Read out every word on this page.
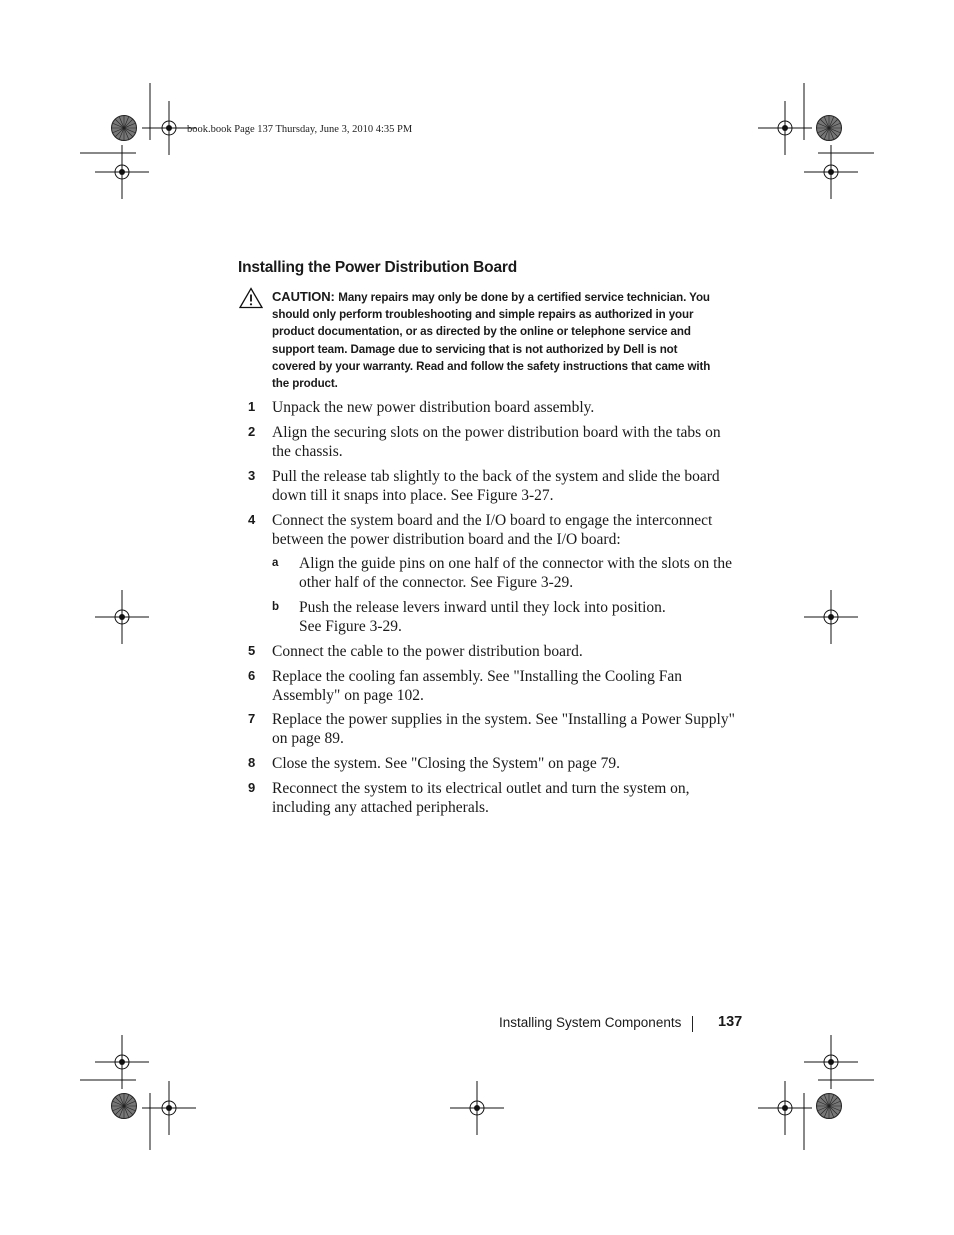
book.book Page 137 Thursday, June 3, 2010 4:35 PM
Installing the Power Distribution Board
CAUTION: Many repairs may only be done by a certified service technician. You should only perform troubleshooting and simple repairs as authorized in your product documentation, or as directed by the online or telephone service and support team. Damage due to servicing that is not authorized by Dell is not covered by your warranty. Read and follow the safety instructions that came with the product.
1 Unpack the new power distribution board assembly.
2 Align the securing slots on the power distribution board with the tabs on the chassis.
3 Pull the release tab slightly to the back of the system and slide the board down till it snaps into place. See Figure 3-27.
4 Connect the system board and the I/O board to engage the interconnect between the power distribution board and the I/O board:
a Align the guide pins on one half of the connector with the slots on the other half of the connector. See Figure 3-29.
b Push the release levers inward until they lock into position.
See Figure 3-29.
5 Connect the cable to the power distribution board.
6 Replace the cooling fan assembly. See "Installing the Cooling Fan Assembly" on page 102.
7 Replace the power supplies in the system. See "Installing a Power Supply" on page 89.
8 Close the system. See "Closing the System" on page 79.
9 Reconnect the system to its electrical outlet and turn the system on, including any attached peripherals.
Installing System Components	137
